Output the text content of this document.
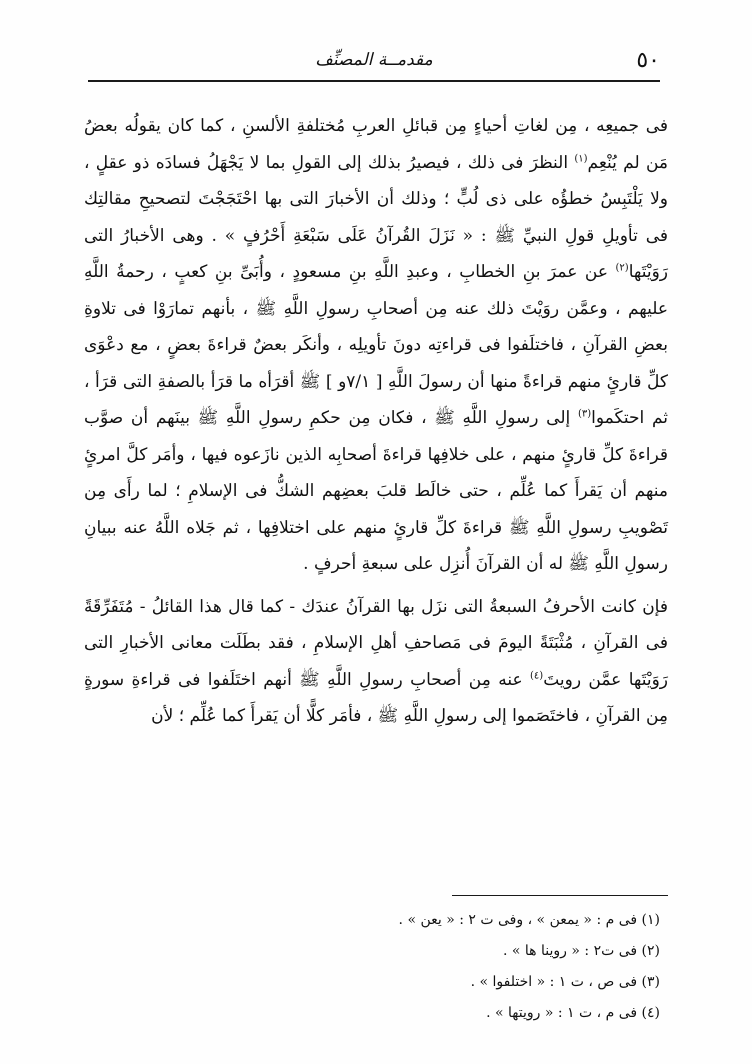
٥٠
مقدمــة المصنِّف

فى جميعِه ، مِن لغاتِ أحياءٍ مِن قبائلِ العربِ مُختلفةِ الألسنِ ، كما كان يقولُه بعضُ مَن لم يُنْعِم$^{(١)}$ النظرَ فى ذلك ، فيصيرُ بذلك إلى القولِ بما لا يَجْهَلُ فسادَه ذو عقلٍ ، ولا يَلْتَبِسُ خطؤُه على ذى لُبٍّ ؛ وذلك أن الأخبارَ التى بها احْتَجَجْتَ لتصحيحِ مقالتِك فى تأويلِ قولِ النبيِّ ﷺ : « نَزَلَ القُرآنُ عَلَى سَبْعَةِ أَحْرُفٍ » . وهى الأخبارُ التى رَوَيْتَها$^{(٢)}$ عن عمرَ بنِ الخطابِ ، وعبدِ اللَّهِ بنِ مسعودٍ ، وأُبَىِّ بنِ كعبٍ ، رحمةُ اللَّهِ عليهم ، وعمَّن روَيْتَ ذلك عنه مِن أصحابِ رسولِ اللَّهِ ﷺ ، بأنهم تمارَوْا فى تلاوةِ بعضِ القرآنِ ، فاختلَفوا فى قراءتِه دونَ تأويلِه ، وأنكَر بعضٌ قراءةَ بعضٍ ، مع دعْوَى كلِّ قارئٍ منهم قراءةً منها أن رسولَ اللَّهِ [ ٧/١و ] ﷺ أقرَأه ما قرَأ بالصفةِ التى قرَأ ، ثم احتكَموا$^{(٣)}$ إلى رسولِ اللَّهِ ﷺ ، فكان مِن حكمِ رسولِ اللَّهِ ﷺ بينَهم أن صوَّب قراءةَ كلِّ قارئٍ منهم ، على خلافِها قراءةَ أصحابِه الذين نازَعوه فيها ، وأمَر كلَّ امرئٍ منهم أن يَقرأَ كما عُلِّم ، حتى خالَط قلبَ بعضِهم الشكُّ فى الإسلامِ ؛ لما رأَى مِن تَصْويبِ رسولِ اللَّهِ ﷺ قراءةَ كلِّ قارئٍ منهم على اختلافِها ، ثم جَلاه اللَّهُ عنه ببيانِ رسولِ اللَّهِ ﷺ له أن القرآنَ أُنزِل على سبعةِ أحرفٍ .

فإن كانت الأحرفُ السبعةُ التى نزَل بها القرآنُ عندَك - كما قال هذا القائلُ - مُتَفَرِّقَةً فى القرآنِ ، مُثْبَتَةً اليومَ فى مَصاحفِ أهلِ الإسلامِ ، فقد بطَلَت معانى الأخبارِ التى رَوَيْتَها عمَّن رويتَ$^{(٤)}$ عنه مِن أصحابِ رسولِ اللَّهِ ﷺ أنهم اختَلَفوا فى قراءةِ سورةٍ مِن القرآنِ ، فاختَصَموا إلى رسولِ اللَّهِ ﷺ ، فأمَر كلًّا أن يَقرأَ كما عُلِّم ؛ لأن

(١) فى م : « يمعن » ، وفى ت ٢ : « يعن » .

(٢) فى ت٢ : « روينا ها » .

(٣) فى ص ، ت ١ : « اختلفوا » .

(٤) فى م ، ت ١ : « رويتها » .
